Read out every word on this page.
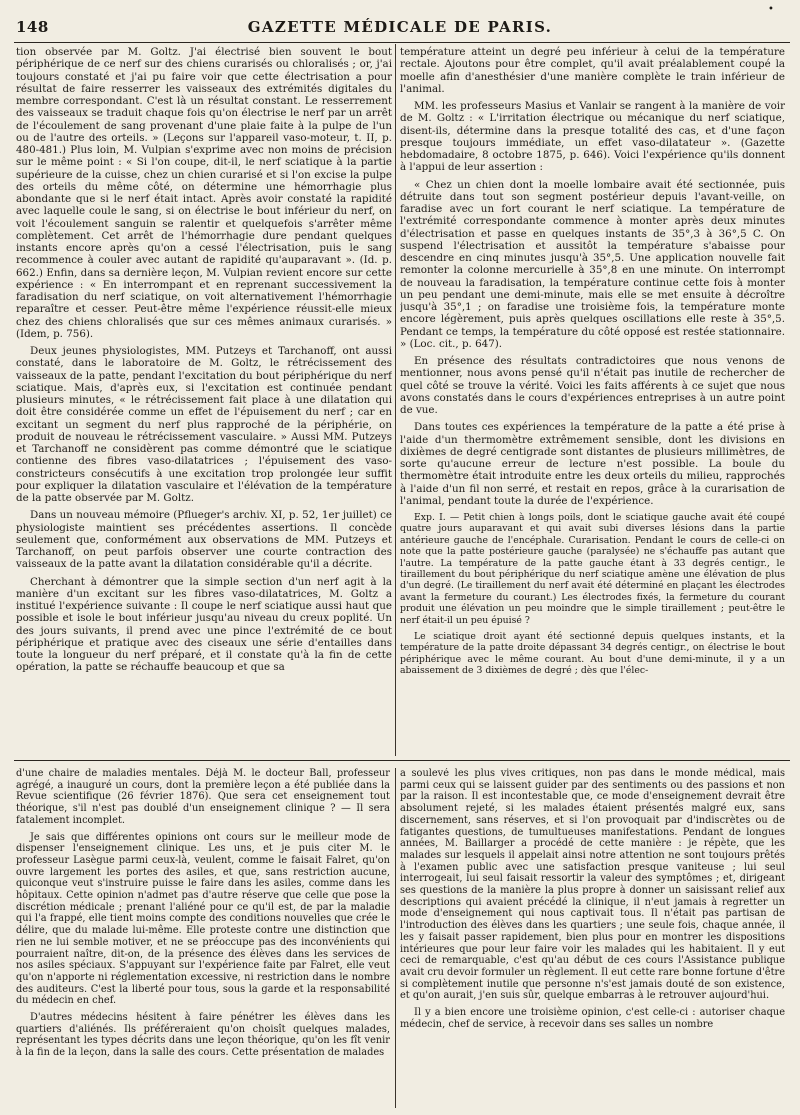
•
148	GAZETTE MÉDICALE DE PARIS.

tion observée par M. Goltz. J'ai électrisé bien souvent le bout périphérique de ce nerf sur des chiens curarisés ou chloralisés ; or, j'ai toujours constaté et j'ai pu faire voir que cette électrisation a pour résultat de faire resserrer les vaisseaux des extrémités digitales du membre correspondant. C'est là un résultat constant. Le resserrement des vaisseaux se traduit chaque fois qu'on électrise le nerf par un arrêt de l'écoulement de sang provenant d'une plaie faite à la pulpe de l'un ou de l'autre des orteils. » (Leçons sur l'appareil vaso-moteur, t. II, p. 480-481.) Plus loin, M. Vulpian s'exprime avec non moins de précision sur le même point : « Si l'on coupe, dit-il, le nerf sciatique à la partie supérieure de la cuisse, chez un chien curarisé et si l'on excise la pulpe des orteils du même côté, on détermine une hémorrhagie plus abondante que si le nerf était intact. Après avoir constaté la rapidité avec laquelle coule le sang, si on électrise le bout inférieur du nerf, on voit l'écoulement sanguin se ralentir et quelquefois s'arrêter même complètement. Cet arrêt de l'hémorrhagie dure pendant quelques instants encore après qu'on a cessé l'électrisation, puis le sang recommence à couler avec autant de rapidité qu'auparavant ». (Id. p. 662.) Enfin, dans sa dernière leçon, M. Vulpian revient encore sur cette expérience : « En interrompant et en reprenant successivement la faradisation du nerf sciatique, on voit alternativement l'hémorrhagie reparaître et cesser. Peut-être même l'expérience réussit-elle mieux chez des chiens chloralisés que sur ces mêmes animaux curarisés. » (Idem, p. 756).

Deux jeunes physiologistes, MM. Putzeys et Tarchanoff, ont aussi constaté, dans le laboratoire de M. Goltz, le rétrécissement des vaisseaux de la patte, pendant l'excitation du bout périphérique du nerf sciatique. Mais, d'après eux, si l'excitation est continuée pendant plusieurs minutes, « le rétrécissement fait place à une dilatation qui doit être considérée comme un effet de l'épuisement du nerf ; car en excitant un segment du nerf plus rapproché de la périphérie, on produit de nouveau le rétrécissement vasculaire. » Aussi MM. Putzeys et Tarchanoff ne considèrent pas comme démontré que le sciatique contienne des fibres vaso-dilatatrices ; l'épuisement des vaso-constricteurs consécutifs à une excitation trop prolongée leur suffit pour expliquer la dilatation vasculaire et l'élévation de la température de la patte observée par M. Goltz.

Dans un nouveau mémoire (Pflueger's archiv. XI, p. 52, 1er juillet) ce physiologiste maintient ses précédentes assertions. Il concède seulement que, conformément aux observations de MM. Putzeys et Tarchanoff, on peut parfois observer une courte contraction des vaisseaux de la patte avant la dilatation considérable qu'il a décrite.

Cherchant à démontrer que la simple section d'un nerf agit à la manière d'un excitant sur les fibres vaso-dilatatrices, M. Goltz a institué l'expérience suivante : Il coupe le nerf sciatique aussi haut que possible et isole le bout inférieur jusqu'au niveau du creux poplité. Un des jours suivants, il prend avec une pince l'extrémité de ce bout périphérique et pratique avec des ciseaux une série d'entailles dans toute la longueur du nerf préparé, et il constate qu'à la fin de cette opération, la patte se réchauffe beaucoup et que sa

température atteint un degré peu inférieur à celui de la température rectale. Ajoutons pour être complet, qu'il avait préalablement coupé la moelle afin d'anesthésier d'une manière complète le train inférieur de l'animal.

MM. les professeurs Masius et Vanlair se rangent à la manière de voir de M. Goltz : « L'irritation électrique ou mécanique du nerf sciatique, disent-ils, détermine dans la presque totalité des cas, et d'une façon presque toujours immédiate, un effet vaso-dilatateur ». (Gazette hebdomadaire, 8 octobre 1875, p. 646). Voici l'expérience qu'ils donnent à l'appui de leur assertion :

« Chez un chien dont la moelle lombaire avait été sectionnée, puis détruite dans tout son segment postérieur depuis l'avant-veille, on faradise avec un fort courant le nerf sciatique. La température de l'extrémité correspondante commence à monter après deux minutes d'électrisation et passe en quelques instants de 35°,3 à 36°,5 C. On suspend l'électrisation et aussitôt la température s'abaisse pour descendre en cinq minutes jusqu'à 35°,5. Une application nouvelle fait remonter la colonne mercurielle à 35°,8 en une minute. On interrompt de nouveau la faradisation, la température continue cette fois à monter un peu pendant une demi-minute, mais elle se met ensuite à décroître jusqu'à 35°,1 ; on faradise une troisième fois, la température monte encore légèrement, puis après quelques oscillations elle reste à 35°,5. Pendant ce temps, la température du côté opposé est restée stationnaire. » (Loc. cit., p. 647).

En présence des résultats contradictoires que nous venons de mentionner, nous avons pensé qu'il n'était pas inutile de rechercher de quel côté se trouve la vérité. Voici les faits afférents à ce sujet que nous avons constatés dans le cours d'expériences entreprises à un autre point de vue.

Dans toutes ces expériences la température de la patte a été prise à l'aide d'un thermomètre extrêmement sensible, dont les divisions en dixièmes de degré centigrade sont distantes de plusieurs millimètres, de sorte qu'aucune erreur de lecture n'est possible. La boule du thermomètre était introduite entre les deux orteils du milieu, rapprochés à l'aide d'un fil non serré, et restait en repos, grâce à la curarisation de l'animal, pendant toute la durée de l'expérience.

Exp. I. — Petit chien à longs poils, dont le sciatique gauche avait été coupé quatre jours auparavant et qui avait subi diverses lésions dans la partie antérieure gauche de l'encéphale. Curarisation. Pendant le cours de celle-ci on note que la patte postérieure gauche (paralysée) ne s'échauffe pas autant que l'autre. La température de la patte gauche étant à 33 degrés centigr., le tiraillement du bout périphérique du nerf sciatique amène une élévation de plus d'un degré. (Le tiraillement du nerf avait été déterminé en plaçant les électrodes avant la fermeture du courant.) Les électrodes fixés, la fermeture du courant produit une élévation un peu moindre que le simple tiraillement ; peut-être le nerf était-il un peu épuisé ?

Le sciatique droit ayant été sectionné depuis quelques instants, et la température de la patte droite dépassant 34 degrés centigr., on électrise le bout périphérique avec le même courant. Au bout d'une demi-minute, il y a un abaissement de 3 dixièmes de degré ; dès que l'élec-

d'une chaire de maladies mentales. Déjà M. le docteur Ball, professeur agrégé, a inauguré un cours, dont la première leçon a été publiée dans la Revue scientifique (26 février 1876). Que sera cet enseignement tout théorique, s'il n'est pas doublé d'un enseignement clinique ? — Il sera fatalement incomplet.

Je sais que différentes opinions ont cours sur le meilleur mode de dispenser l'enseignement clinique. Les uns, et je puis citer M. le professeur Lasègue parmi ceux-là, veulent, comme le faisait Falret, qu'on ouvre largement les portes des asiles, et que, sans restriction aucune, quiconque veut s'instruire puisse le faire dans les asiles, comme dans les hôpitaux. Cette opinion n'admet pas d'autre réserve que celle que pose la discrétion médicale ; prenant l'aliéné pour ce qu'il est, de par la maladie qui l'a frappé, elle tient moins compte des conditions nouvelles que crée le délire, que du malade lui-même. Elle proteste contre une distinction que rien ne lui semble motiver, et ne se préoccupe pas des inconvénients qui pourraient naître, dit-on, de la présence des élèves dans les services de nos asiles spéciaux. S'appuyant sur l'expérience faite par Falret, elle veut qu'on n'apporte ni réglementation excessive, ni restriction dans le nombre des auditeurs. C'est la liberté pour tous, sous la garde et la responsabilité du médecin en chef.

D'autres médecins hésitent à faire pénétrer les élèves dans les quartiers d'aliénés. Ils préféreraient qu'on choisît quelques malades, représentant les types décrits dans une leçon théorique, qu'on les fît venir à la fin de la leçon, dans la salle des cours. Cette présentation de malades

a soulevé les plus vives critiques, non pas dans le monde médical, mais parmi ceux qui se laissent guider par des sentiments ou des passions et non par la raison. Il est incontestable que, ce mode d'enseignement devrait être absolument rejeté, si les malades étaient présentés malgré eux, sans discernement, sans réserves, et si l'on provoquait par d'indiscrètes ou de fatigantes questions, de tumultueuses manifestations. Pendant de longues années, M. Baillarger a procédé de cette manière : je répète, que les malades sur lesquels il appelait ainsi notre attention ne sont toujours prêtés à l'examen public avec une satisfaction presque vaniteuse ; lui seul interrogeait, lui seul faisait ressortir la valeur des symptômes ; et, dirigeant ses questions de la manière la plus propre à donner un saisissant relief aux descriptions qui avaient précédé la clinique, il n'eut jamais à regretter un mode d'enseignement qui nous captivait tous. Il n'était pas partisan de l'introduction des élèves dans les quartiers ; une seule fois, chaque année, il les y faisait passer rapidement, bien plus pour en montrer les dispositions intérieures que pour leur faire voir les malades qui les habitaient. Il y eut ceci de remarquable, c'est qu'au début de ces cours l'Assistance publique avait cru devoir formuler un règlement. Il eut cette rare bonne fortune d'être si complètement inutile que personne n's'est jamais douté de son existence, et qu'on aurait, j'en suis sûr, quelque embarras à le retrouver aujourd'hui.

Il y a bien encore une troisième opinion, c'est celle-ci : autoriser chaque médecin, chef de service, à recevoir dans ses salles un nombre
